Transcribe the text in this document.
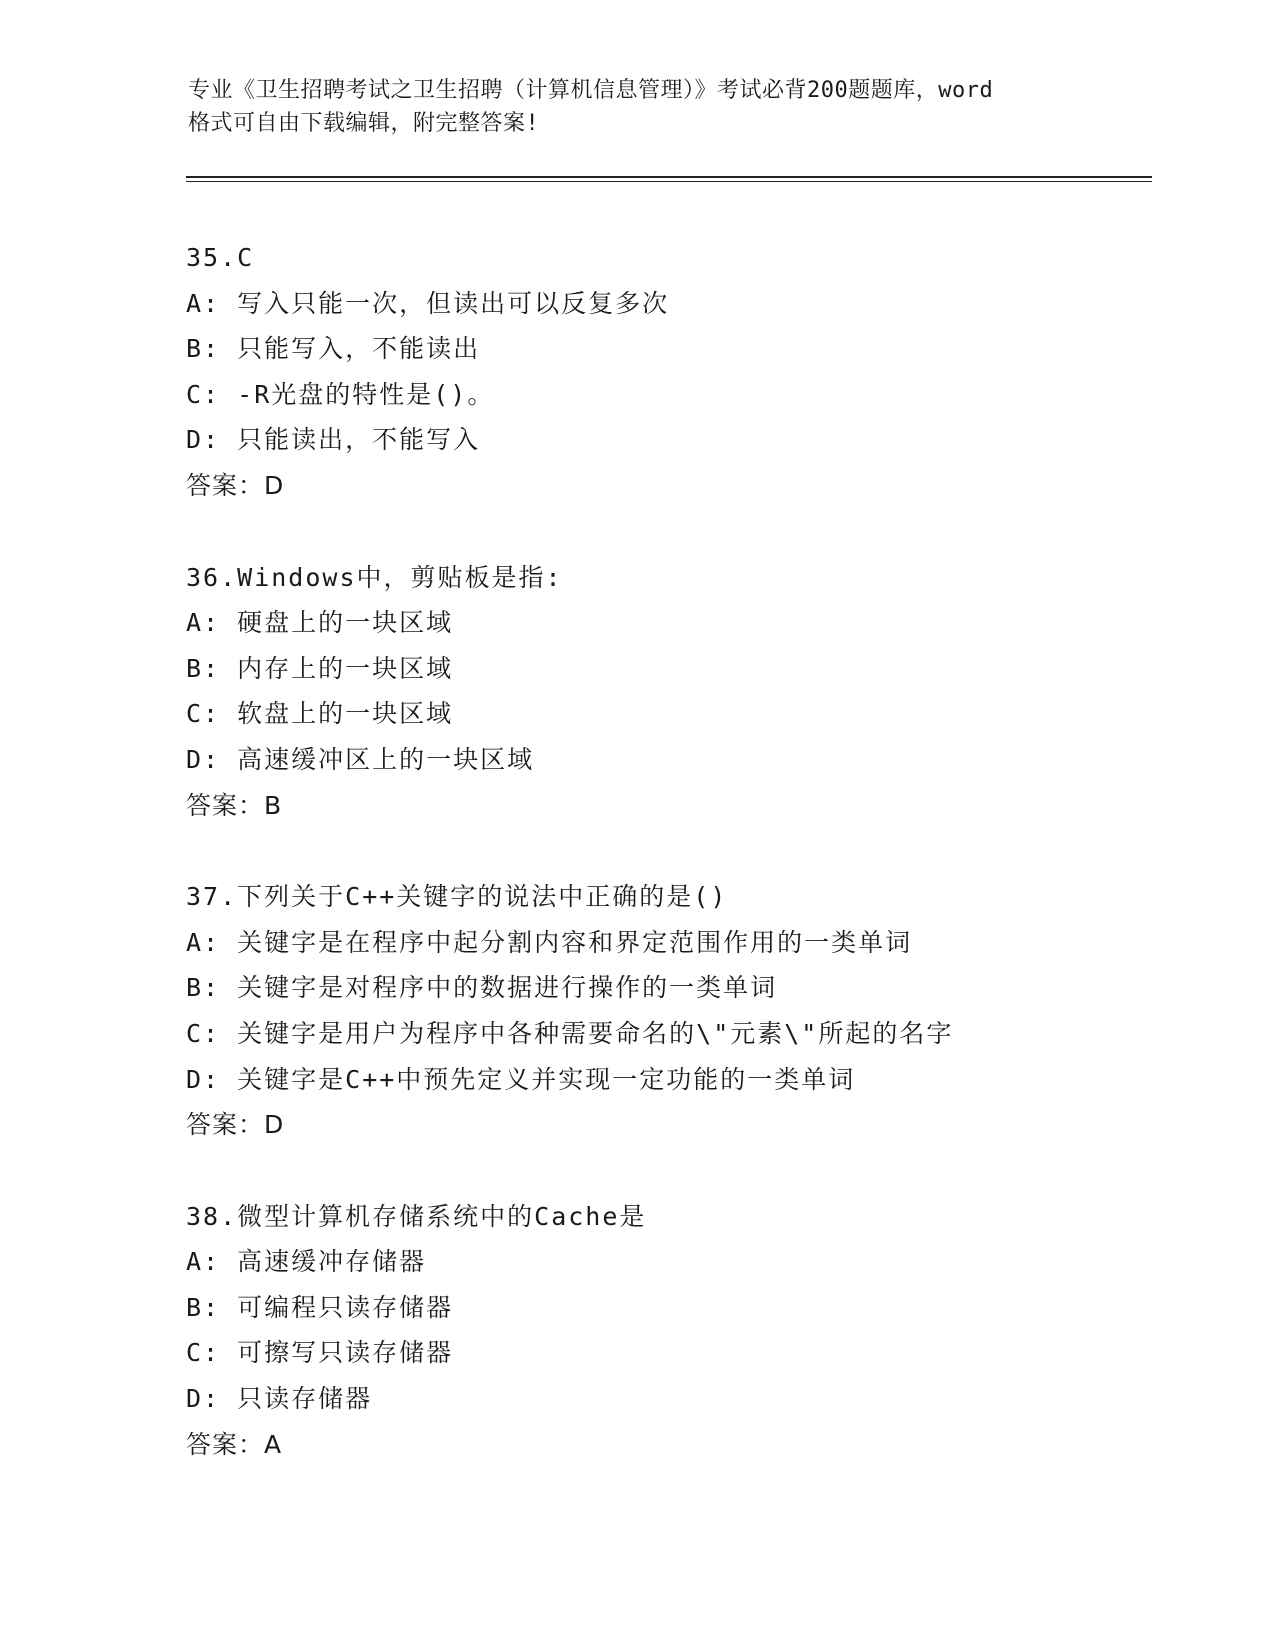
专业《卫生招聘考试之卫生招聘（计算机信息管理）》考试必背200题题库，word
格式可自由下载编辑，附完整答案!
35.C
A: 写入只能一次，但读出可以反复多次
B: 只能写入，不能读出
C: -R光盘的特性是()。
D: 只能读出，不能写入
答案：D
36.Windows中，剪贴板是指:
A: 硬盘上的一块区域
B: 内存上的一块区域
C: 软盘上的一块区域
D: 高速缓冲区上的一块区域
答案：B
37.下列关于C++关键字的说法中正确的是()
A: 关键字是在程序中起分割内容和界定范围作用的一类单词
B: 关键字是对程序中的数据进行操作的一类单词
C: 关键字是用户为程序中各种需要命名的\"元素\"所起的名字
D: 关键字是C++中预先定义并实现一定功能的一类单词
答案：D
38.微型计算机存储系统中的Cache是
A: 高速缓冲存储器
B: 可编程只读存储器
C: 可擦写只读存储器
D: 只读存储器
答案：A
